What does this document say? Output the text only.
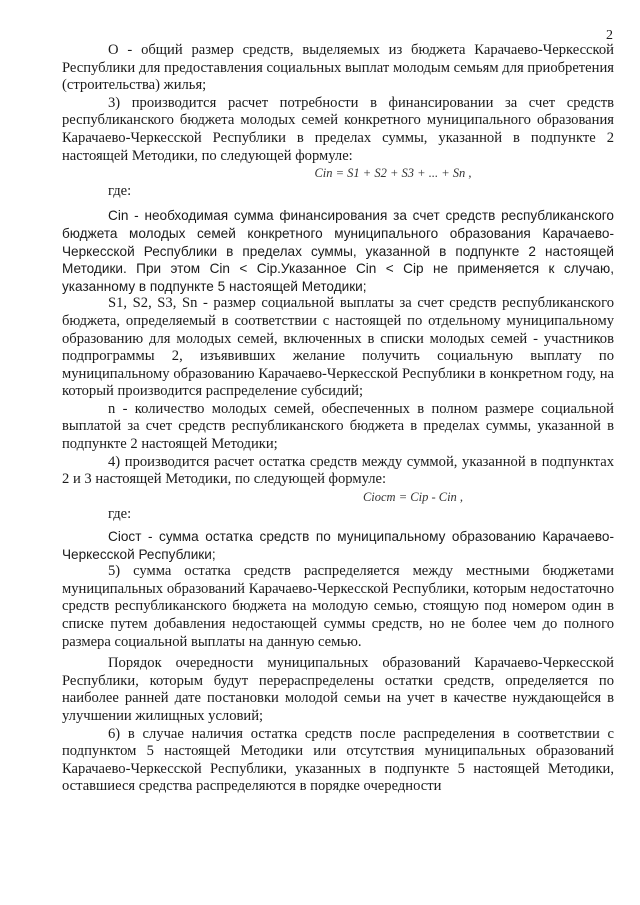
2

О - общий размер средств, выделяемых из бюджета Карачаево-Черкесской Республики для предоставления социальных выплат молодым семьям для приобретения (строительства) жилья;

3) производится расчет потребности в финансировании за счет средств республиканского бюджета молодых семей конкретного муниципального образования Карачаево-Черкесской Республики в пределах суммы, указанной в подпункте 2 настоящей Методики, по следующей формуле:

Cin = S1 + S2 + S3 + ... + Sn ,

где:

Cin - необходимая сумма финансирования за счет средств республиканского бюджета молодых семей конкретного муниципального образования Карачаево-Черкесской Республики в пределах суммы, указанной в подпункте 2 настоящей Методики. При этом Cin < Cip.Указанное Cin < Cip не применяется к случаю, указанному в подпункте 5 настоящей Методики;

S1, S2, S3, Sn - размер социальной выплаты за счет средств республиканского бюджета, определяемый в соответствии с настоящей по отдельному муниципальному образованию для молодых семей, включенных в списки молодых семей - участников подпрограммы 2, изъявивших желание получить социальную выплату по муниципальному образованию Карачаево-Черкесской Республики в конкретном году, на который производится распределение субсидий;

n - количество молодых семей, обеспеченных в полном размере социальной выплатой за счет средств республиканского бюджета в пределах суммы, указанной в подпункте 2 настоящей Методики;

4) производится расчет остатка средств между суммой, указанной в подпунктах 2 и 3 настоящей Методики, по следующей формуле:

Ciост = Cip - Cin ,

где:

Ciост - сумма остатка средств по муниципальному образованию Карачаево-Черкесской Республики;

5) сумма остатка средств распределяется между местными бюджетами муниципальных образований Карачаево-Черкесской Республики, которым недостаточно средств республиканского бюджета на молодую семью, стоящую под номером один в списке путем добавления недостающей суммы средств, но не более чем до полного размера социальной выплаты на данную семью.

Порядок очередности муниципальных образований Карачаево-Черкесской Республики, которым будут перераспределены остатки средств, определяется по наиболее ранней дате постановки молодой семьи на учет в качестве нуждающейся в улучшении жилищных условий;

6) в случае наличия остатка средств после распределения в соответствии с подпунктом 5 настоящей Методики или отсутствия муниципальных образований Карачаево-Черкесской Республики, указанных в подпункте 5 настоящей Методики, оставшиеся средства распределяются в порядке очередности
